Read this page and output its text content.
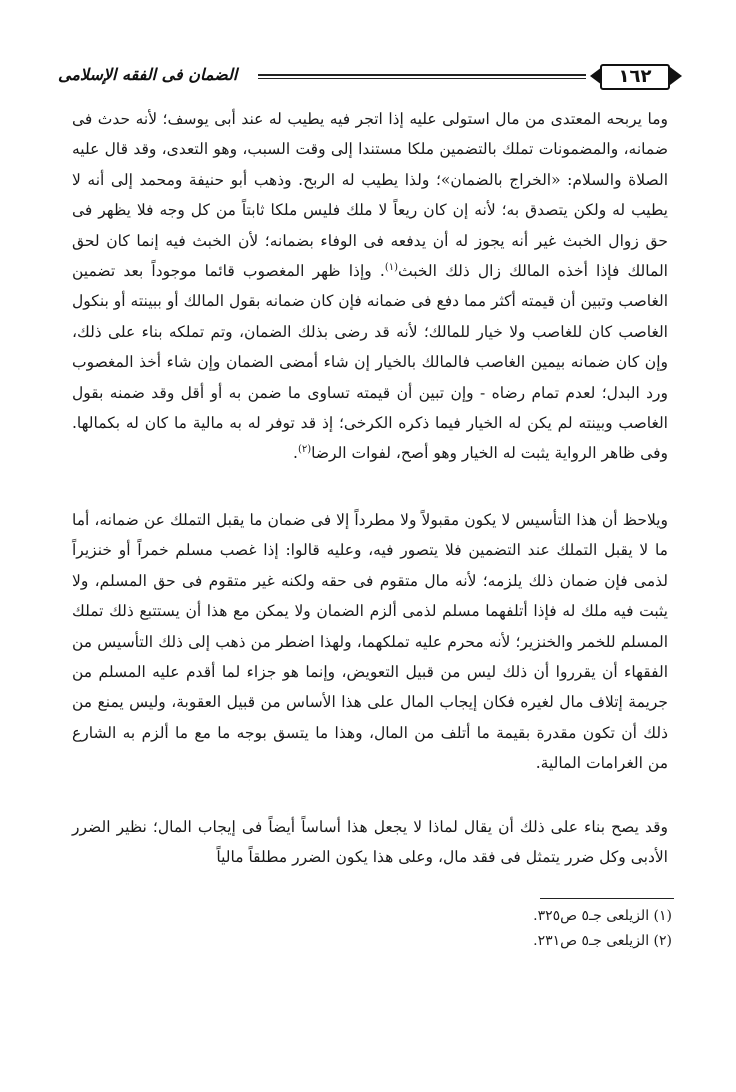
الضمان فى الفقه الإسلامى	١٦٢
وما يربحه المعتدى من مال استولى عليه إذا اتجر فيه يطيب له عند أبى يوسف؛ لأنه حدث فى ضمانه، والمضمونات تملك بالتضمين ملكا مستندا إلى وقت السبب، وهو التعدى، وقد قال عليه الصلاة والسلام: «الخراج بالضمان»؛ ولذا يطيب له الربح. وذهب أبو حنيفة ومحمد إلى أنه لا يطيب له ولكن يتصدق به؛ لأنه إن كان ريعاً لا ملك فليس ملكا ثابتاً من كل وجه فلا يظهر فى حق زوال الخبث غير أنه يجوز له أن يدفعه فى الوفاء بضمانه؛ لأن الخبث فيه إنما كان لحق المالك فإذا أخذه المالك زال ذلك الخبث$^{(١)}$. وإذا ظهر المغصوب قائما موجوداً بعد تضمين الغاصب وتبين أن قيمته أكثر مما دفع فى ضمانه فإن كان ضمانه بقول المالك أو ببينته أو بنكول الغاصب كان للغاصب ولا خيار للمالك؛ لأنه قد رضى بذلك الضمان، وتم تملكه بناء على ذلك، وإن كان ضمانه بيمين الغاصب فالمالك بالخيار إن شاء أمضى الضمان وإن شاء أخذ المغصوب ورد البدل؛ لعدم تمام رضاه - وإن تبين أن قيمته تساوى ما ضمن به أو أقل وقد ضمنه بقول الغاصب وبينته لم يكن له الخيار فيما ذكره الكرخى؛ إذ قد توفر له به مالية ما كان له بكمالها. وفى ظاهر الرواية يثبت له الخيار وهو أصح، لفوات الرضا$^{(٢)}$.
ويلاحظ أن هذا التأسيس لا يكون مقبولاً ولا مطرداً إلا فى ضمان ما يقبل التملك عن ضمانه، أما ما لا يقبل التملك عند التضمين فلا يتصور فيه، وعليه قالوا: إذا غصب مسلم خمراً أو خنزيراً لذمى فإن ضمان ذلك يلزمه؛ لأنه مال متقوم فى حقه ولكنه غير متقوم فى حق المسلم، ولا يثبت فيه ملك له فإذا أتلفهما مسلم لذمى ألزم الضمان ولا يمكن مع هذا أن يستتبع ذلك تملك المسلم للخمر والخنزير؛ لأنه محرم عليه تملكهما، ولهذا اضطر من ذهب إلى ذلك التأسيس من الفقهاء أن يقرروا أن ذلك ليس من قبيل التعويض، وإنما هو جزاء لما أقدم عليه المسلم من جريمة إتلاف مال لغيره فكان إيجاب المال على هذا الأساس من قبيل العقوبة، وليس يمنع من ذلك أن تكون مقدرة بقيمة ما أتلف من المال، وهذا ما يتسق بوجه ما مع ما ألزم به الشارع من الغرامات المالية.
وقد يصح بناء على ذلك أن يقال لماذا لا يجعل هذا أساساً أيضاً فى إيجاب المال؛ نظير الضرر الأدبى وكل ضرر يتمثل فى فقد مال، وعلى هذا يكون الضرر مطلقاً مالياً
(١) الزيلعى جـ٥ ص٣٢٥.
(٢) الزيلعى جـ٥ ص٢٣١.
